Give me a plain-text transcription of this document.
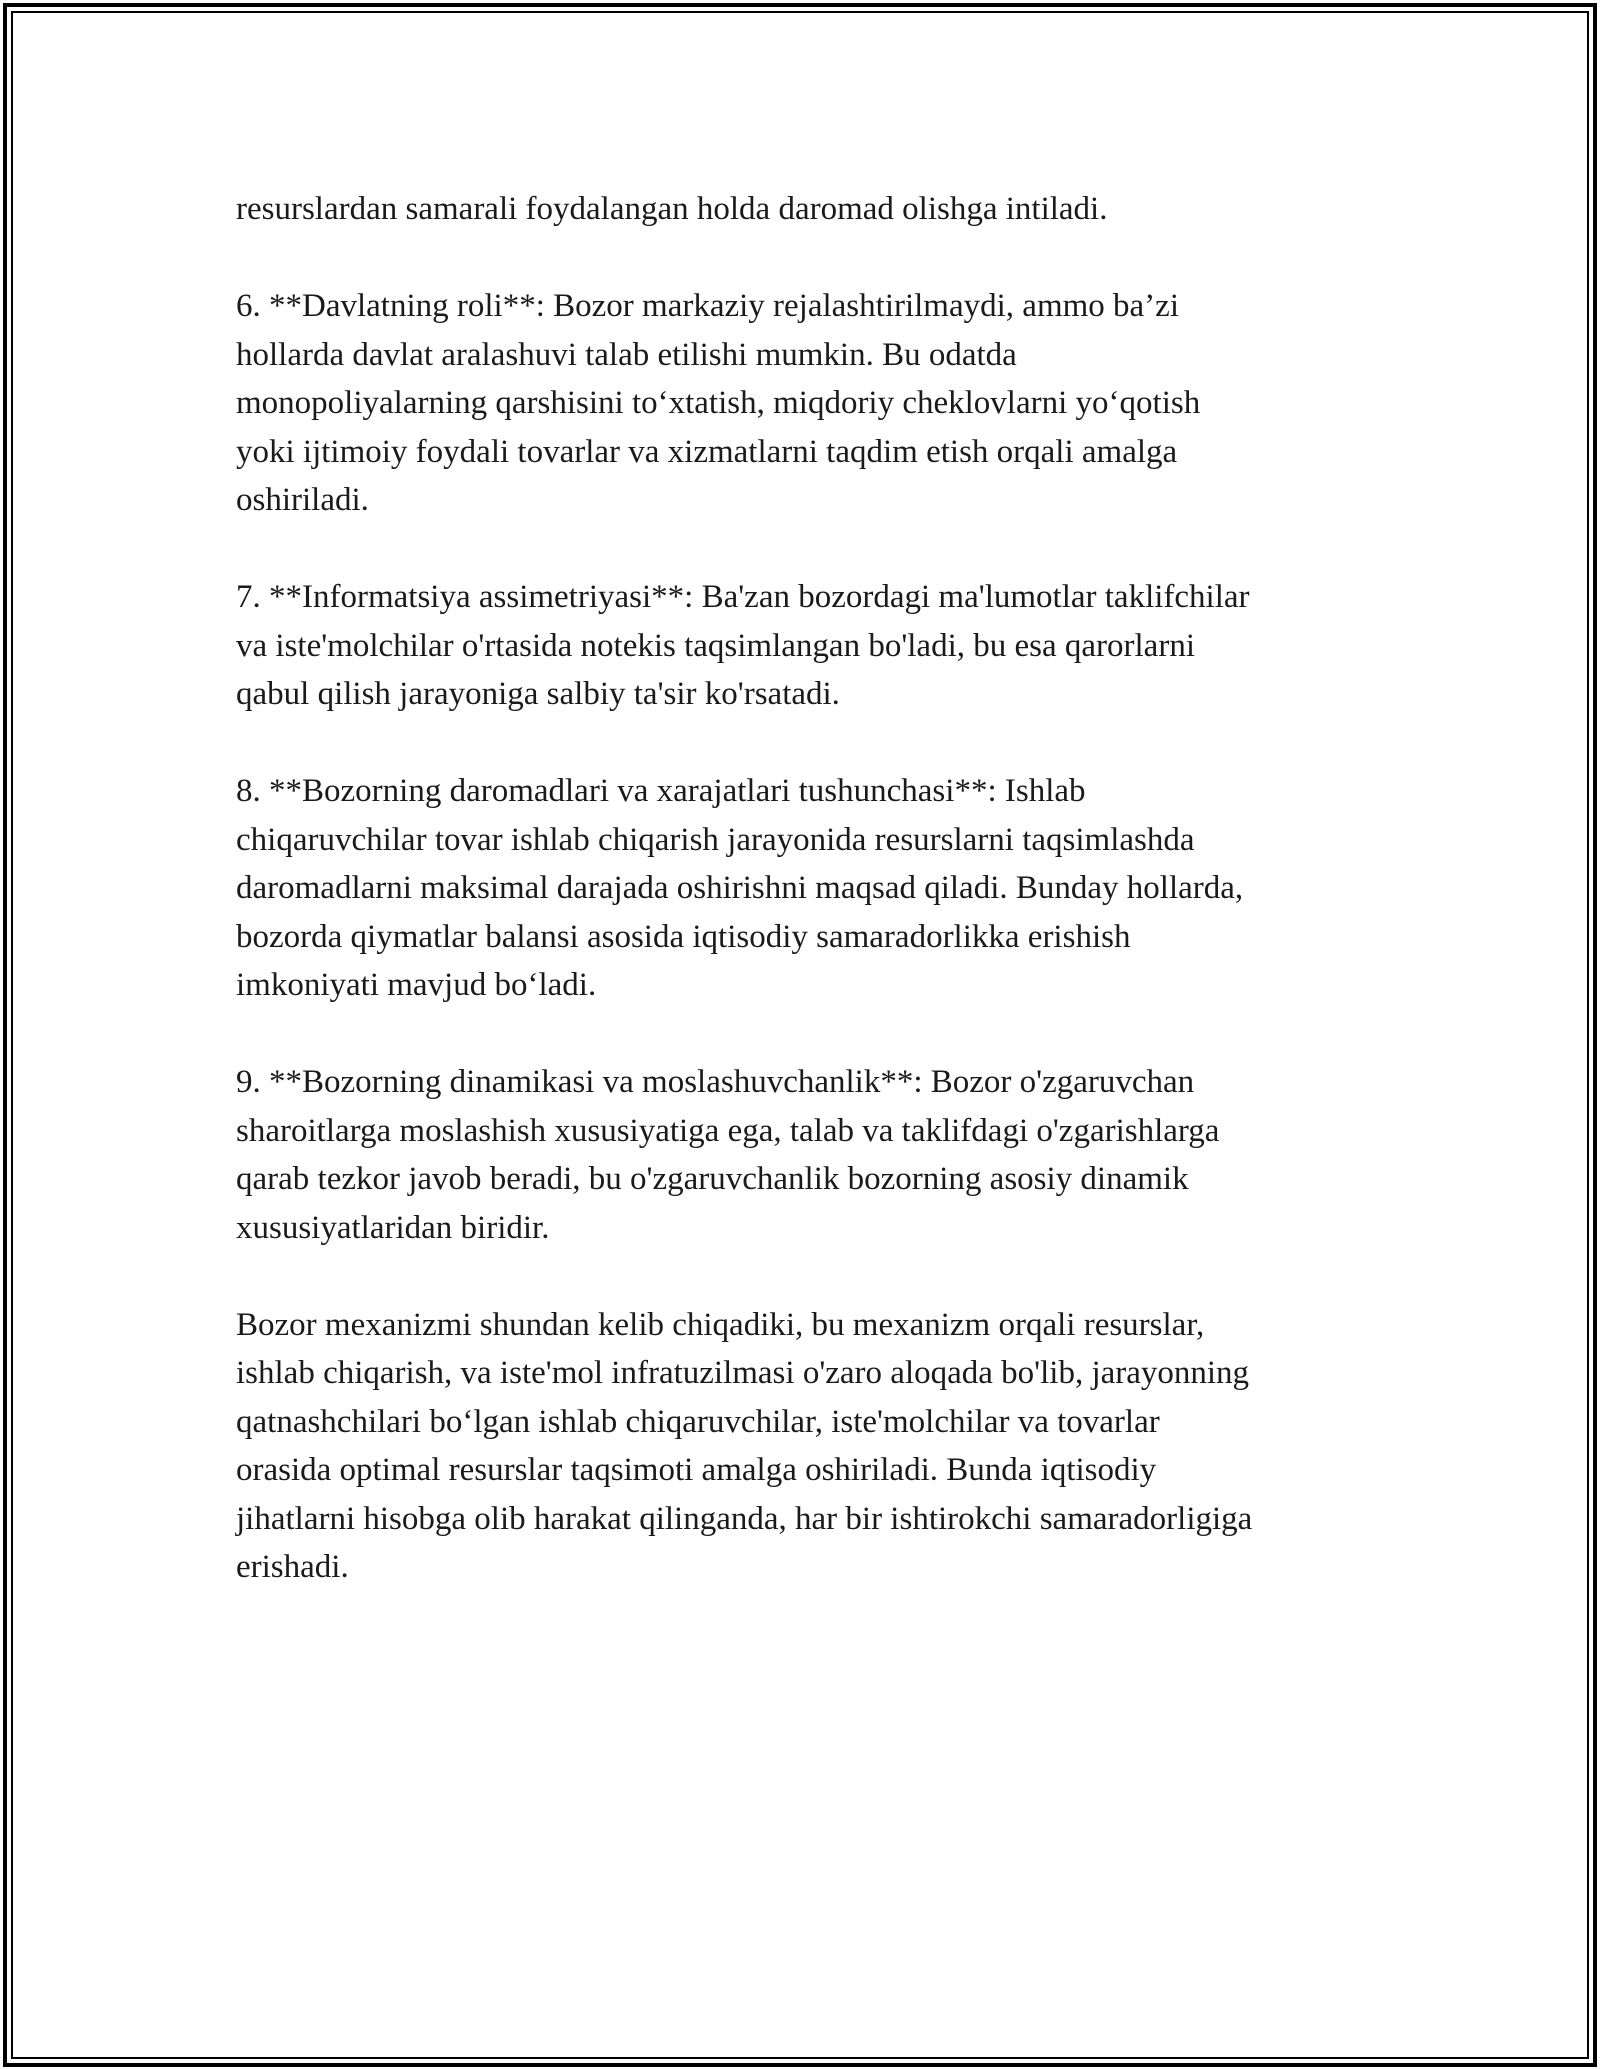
resurslardan samarali foydalangan holda daromad olishga intiladi.

6. **Davlatning roli**: Bozor markaziy rejalashtirilmaydi, ammo ba’zi
hollarda davlat aralashuvi talab etilishi mumkin. Bu odatda
monopoliyalarning qarshisini to‘xtatish, miqdoriy cheklovlarni yo‘qotish
yoki ijtimoiy foydali tovarlar va xizmatlarni taqdim etish orqali amalga
oshiriladi.

7. **Informatsiya assimetriyasi**: Ba'zan bozordagi ma'lumotlar taklifchilar
va iste'molchilar o'rtasida notekis taqsimlangan bo'ladi, bu esa qarorlarni
qabul qilish jarayoniga salbiy ta'sir ko'rsatadi.

8. **Bozorning daromadlari va xarajatlari tushunchasi**: Ishlab
chiqaruvchilar tovar ishlab chiqarish jarayonida resurslarni taqsimlashda
daromadlarni maksimal darajada oshirishni maqsad qiladi. Bunday hollarda,
bozorda qiymatlar balansi asosida iqtisodiy samaradorlikka erishish
imkoniyati mavjud bo‘ladi.

9. **Bozorning dinamikasi va moslashuvchanlik**: Bozor o'zgaruvchan
sharoitlarga moslashish xususiyatiga ega, talab va taklifdagi o'zgarishlarga
qarab tezkor javob beradi, bu o'zgaruvchanlik bozorning asosiy dinamik
xususiyatlaridan biridir.

Bozor mexanizmi shundan kelib chiqadiki, bu mexanizm orqali resurslar,
ishlab chiqarish, va iste'mol infratuzilmasi o'zaro aloqada bo'lib, jarayonning
qatnashchilari bo‘lgan ishlab chiqaruvchilar, iste'molchilar va tovarlar
orasida optimal resurslar taqsimoti amalga oshiriladi. Bunda iqtisodiy
jihatlarni hisobga olib harakat qilinganda, har bir ishtirokchi samaradorligiga
erishadi.
